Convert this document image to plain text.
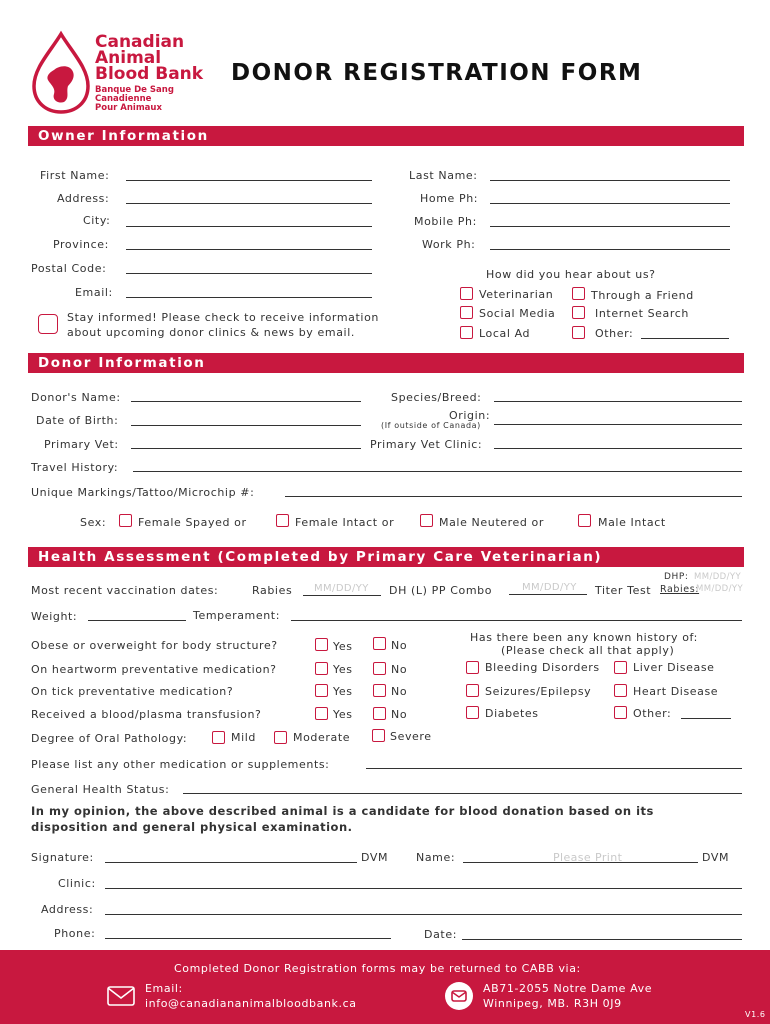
Canadian
Animal
Blood Bank
Banque De Sang
Canadienne
Pour Animaux
DONOR REGISTRATION FORM
Owner Information
First Name:	Last Name:
Address:	Home Ph:
City:	Mobile Ph:
Province:	Work Ph:
Postal Code:
Email:
How did you hear about us?
Veterinarian	Through a Friend
Social Media	Internet Search
Local Ad	Other:
Stay informed! Please check to receive information
about upcoming donor clinics & news by email.
Donor Information
Donor's Name:	Species/Breed:
Date of Birth:	Origin:
(If outside of Canada)
Primary Vet:	Primary Vet Clinic:
Travel History:
Unique Markings/Tattoo/Microchip #:
Sex:	Female Spayed or	Female Intact or	Male Neutered or	Male Intact
Health Assessment (Completed by Primary Care Veterinarian)
Most recent vaccination dates:	Rabies MM/DD/YY DH (L) PP Combo	MM/DD/YY Titer Test
DHP: MM/DD/YY
Rabies:
MM/DD/YY
Weight:	Temperament:
Obese or overweight for body structure?	Yes	No
On heartworm preventative medication?	Yes	No
On tick preventative medication?	Yes	No
Received a blood/plasma transfusion?	Yes	No
Has there been any known history of:
(Please check all that apply)
Bleeding Disorders	Liver Disease
Seizures/Epilepsy	Heart Disease
Diabetes	Other:
Degree of Oral Pathology:	Mild	Moderate	Severe
Please list any other medication or supplements:
General Health Status:
In my opinion, the above described animal is a candidate for blood donation based on its
disposition and general physical examination.
Signature:	DVM	Name:	Please Print	DVM
Clinic:
Address:
Phone:	Date:
Completed Donor Registration forms may be returned to CABB via:
Email:
info@canadiananimalbloodbank.ca
AB71-2055 Notre Dame Ave
Winnipeg, MB. R3H 0J9
V1.6
